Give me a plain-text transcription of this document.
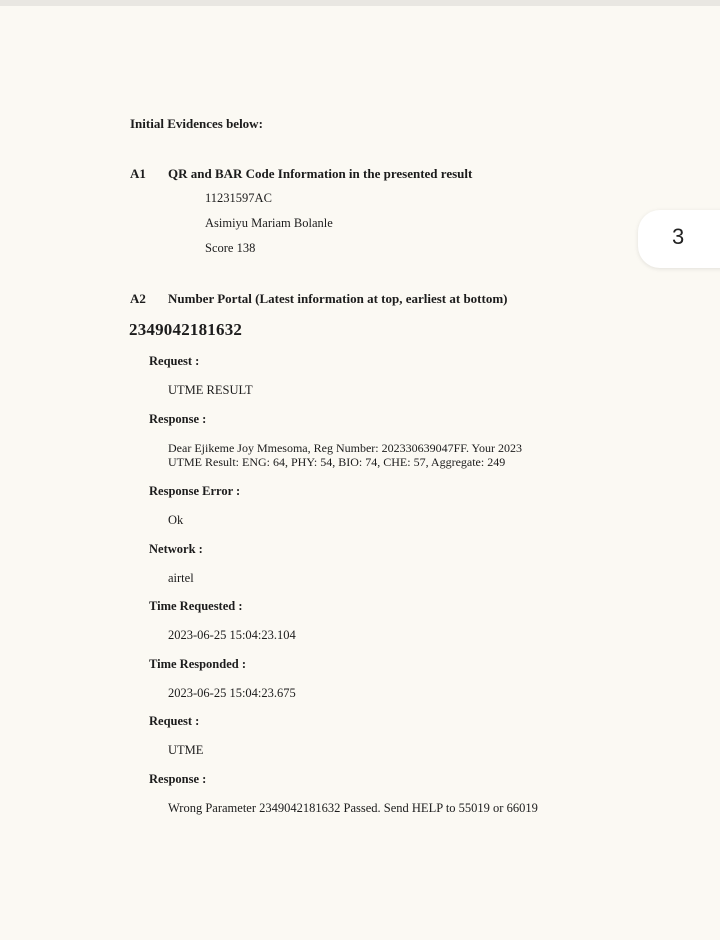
Initial Evidences below:
A1 QR and BAR Code Information in the presented result
11231597AC
Asimiyu Mariam Bolanle
Score 138
A2 Number Portal (Latest information at top, earliest at bottom)
2349042181632
Request :
UTME RESULT
Response :
Dear Ejikeme Joy Mmesoma, Reg Number: 202330639047FF. Your 2023
UTME Result: ENG: 64, PHY: 54, BIO: 74, CHE: 57, Aggregate: 249
Response Error :
Ok
Network :
airtel
Time Requested :
2023-06-25 15:04:23.104
Time Responded :
2023-06-25 15:04:23.675
Request :
UTME
Response :
Wrong Parameter 2349042181632 Passed. Send HELP to 55019 or 66019
3
